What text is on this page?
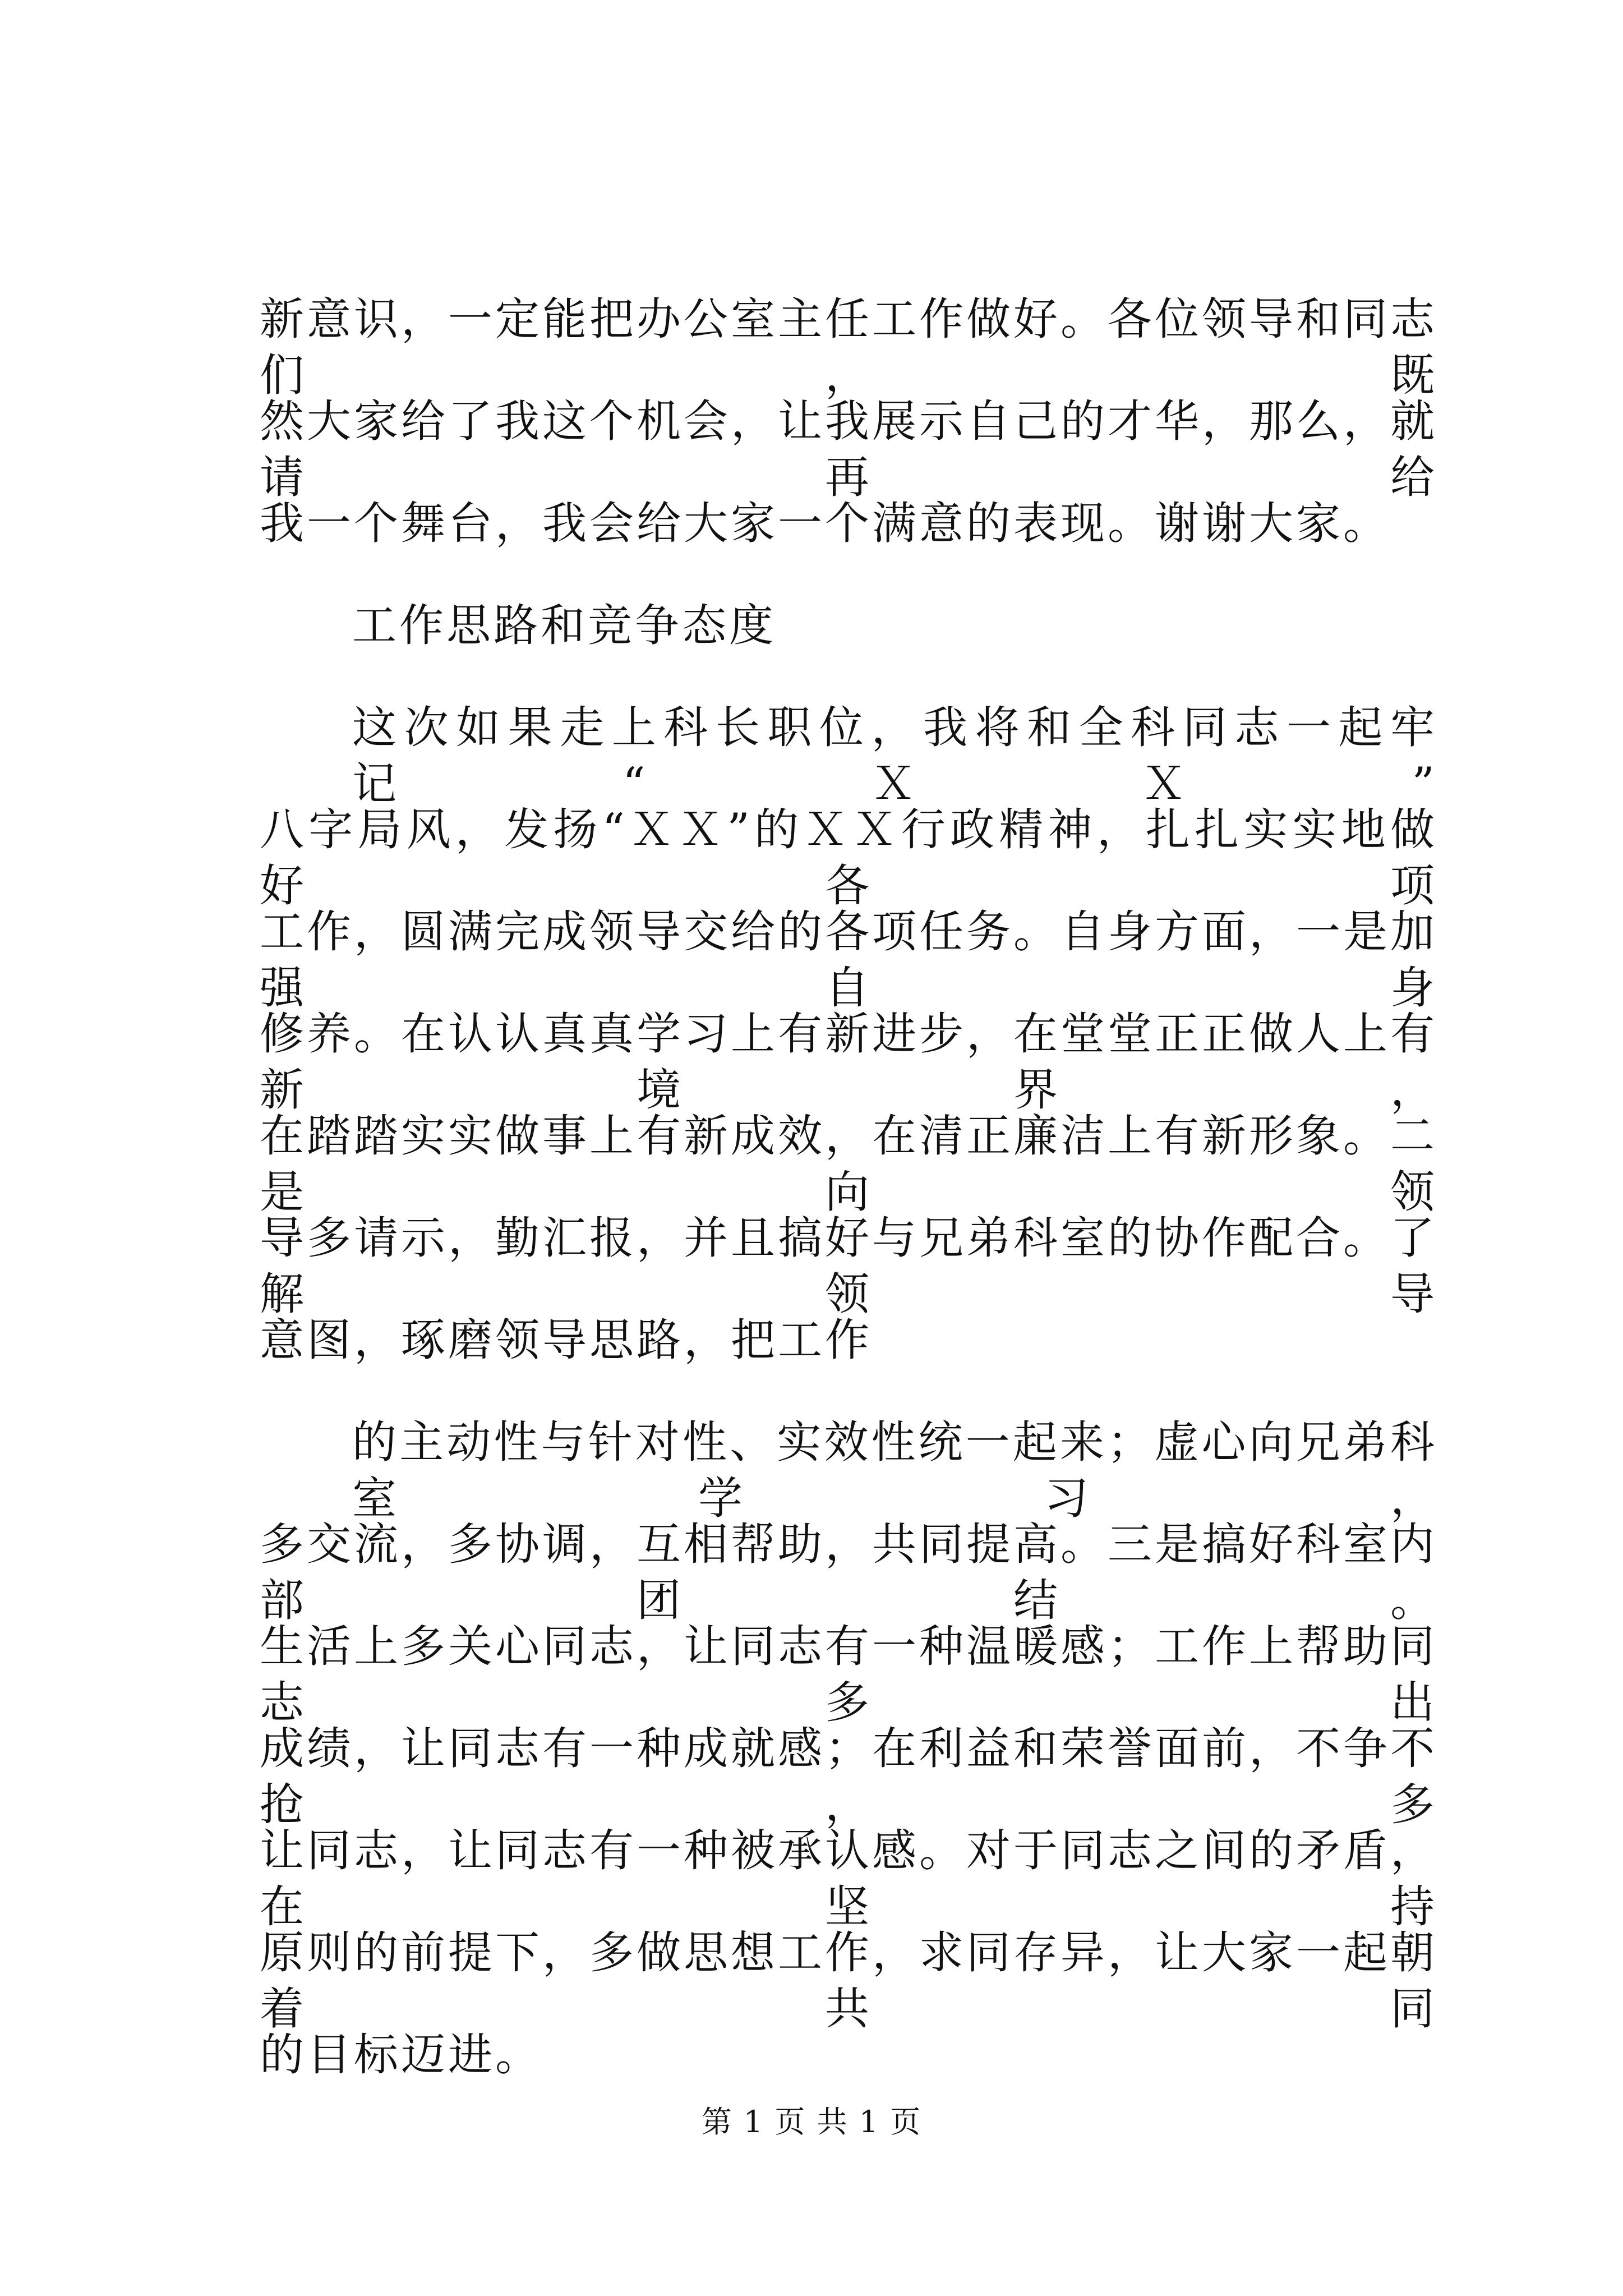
新意识，一定能把办公室主任工作做好。各位领导和同志们，既
然大家给了我这个机会，让我展示自己的才华，那么，就请再给
我一个舞台，我会给大家一个满意的表现。谢谢大家。
工作思路和竞争态度
这次如果走上科长职位，我将和全科同志一起牢记“ＸＸ”
八字局风，发扬“ＸＸ”的ＸＸ行政精神，扎扎实实地做好各项
工作，圆满完成领导交给的各项任务。自身方面，一是加强自身
修养。在认认真真学习上有新进步，在堂堂正正做人上有新境界，
在踏踏实实做事上有新成效，在清正廉洁上有新形象。二是向领
导多请示，勤汇报，并且搞好与兄弟科室的协作配合。了解领导
意图，琢磨领导思路，把工作
的主动性与针对性、实效性统一起来；虚心向兄弟科室学习，
多交流，多协调，互相帮助，共同提高。三是搞好科室内部团结。
生活上多关心同志，让同志有一种温暖感；工作上帮助同志多出
成绩，让同志有一种成就感；在利益和荣誉面前，不争不抢，多
让同志，让同志有一种被承认感。对于同志之间的矛盾，在坚持
原则的前提下，多做思想工作，求同存异，让大家一起朝着共同
的目标迈进。
第 1 页 共 1 页
